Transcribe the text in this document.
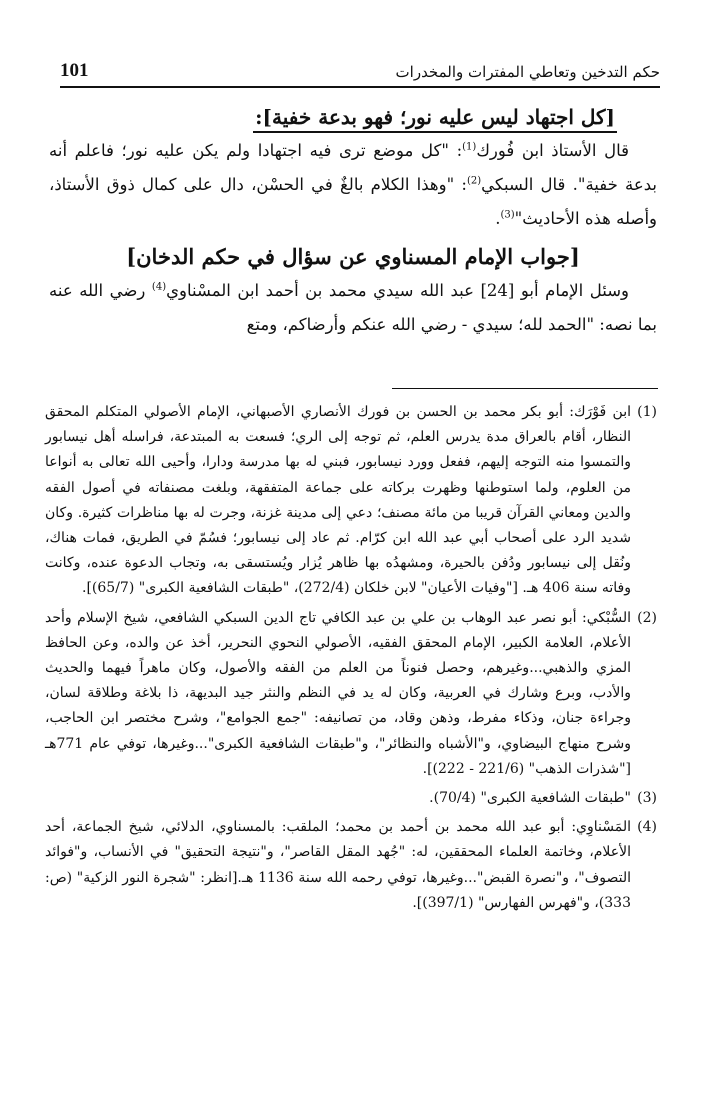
101	حكم التدخين وتعاطي المفترات والمخدرات
[كل اجتهاد ليس عليه نور؛ فهو بدعة خفية]:

قال الأستاذ ابن فُورك$^{(1)}$: "كل موضع ترى فيه اجتهادا ولم يكن عليه نور؛ فاعلم أنه بدعة خفية". قال السبكي$^{(2)}$: "وهذا الكلام بالغٌ في الحسْن، دال على كمال ذوق الأستاذ، وأصله هذه الأحاديث"$^{(3)}$.

[جواب الإمام المسناوي عن سؤال في حكم الدخان]

وسئل الإمام أبو [24] عبد الله سيدي محمد بن أحمد ابن المسْناوي$^{(4)}$ رضي الله عنه بما نصه: "الحمد لله؛ سيدي - رضي الله عنكم وأرضاكم، ومتع

(1)
ابن فَوْرَك: أبو بكر محمد بن الحسن بن فورك الأنصاري الأصبهاني، الإمام الأصولي المتكلم المحقق النظار، أقام بالعراق مدة يدرس العلم، ثم توجه إلى الري؛ فسعت به المبتدعة، فراسله أهل نيسابور والتمسوا منه التوجه إليهم، ففعل وورد نيسابور، فبني له بها مدرسة ودارا، وأحيى الله تعالى به أنواعا من العلوم، ولما استوطنها وظهرت بركاته على جماعة المتفقهة، وبلغت مصنفاته في أصول الفقه والدين ومعاني القرآن قريبا من مائة مصنف؛ دعي إلى مدينة غزنة، وجرت له بها مناظرات كثيرة. وكان شديد الرد على أصحاب أبي عبد الله ابن كرّام. ثم عاد إلى نيسابور؛ فسُمّ في الطريق، فمات هناك، ونُقل إلى نيسابور ودُفن بالحيرة، ومشهدُه بها ظاهر يُزار ويُستسقى به، وتجاب الدعوة عنده، وكانت وفاته سنة 406 هـ. ["وفيات الأعيان" لابن خلكان (272/4)، "طبقات الشافعية الكبرى" (65/7)].
(2)
السُّبْكي: أبو نصر عبد الوهاب بن علي بن عبد الكافي تاج الدين السبكي الشافعي، شيخ الإسلام وأحد الأعلام، العلامة الكبير، الإمام المحقق الفقيه، الأصولي النحوي النحرير، أخذ عن والده، وعن الحافظ المزي والذهبي...وغيرهم، وحصل فنوناً من العلم من الفقه والأصول، وكان ماهراً فيهما والحديث والأدب، وبرع وشارك في العربية، وكان له يد في النظم والنثر جيد البديهة، ذا بلاغة وطلاقة لسان، وجراءة جنان، وذكاء مفرط، وذهن وقاد، من تصانيفه: "جمع الجوامع"، وشرح مختصر ابن الحاجب، وشرح منهاج البيضاوي، و"الأشباه والنظائر"، و"طبقات الشافعية الكبرى"...وغيرها، توفي عام 771هـ ["شذرات الذهب" (221/6 - 222)].
(3)
"طبقات الشافعية الكبرى" (70/4).
(4)
المَسْناوِي: أبو عبد الله محمد بن أحمد بن محمد؛ الملقب: بالمسناوي، الدلائي، شيخ الجماعة، أحد الأعلام، وخاتمة العلماء المحققين، له: "جُهد المقل القاصر"، و"نتيجة التحقيق" في الأنساب، و"فوائد التصوف"، و"نصرة القبض"...وغيرها، توفي رحمه الله سنة 1136 هـ.[انظر: "شجرة النور الزكية" (ص: 333)، و"فهرس الفهارس" (397/1)].
